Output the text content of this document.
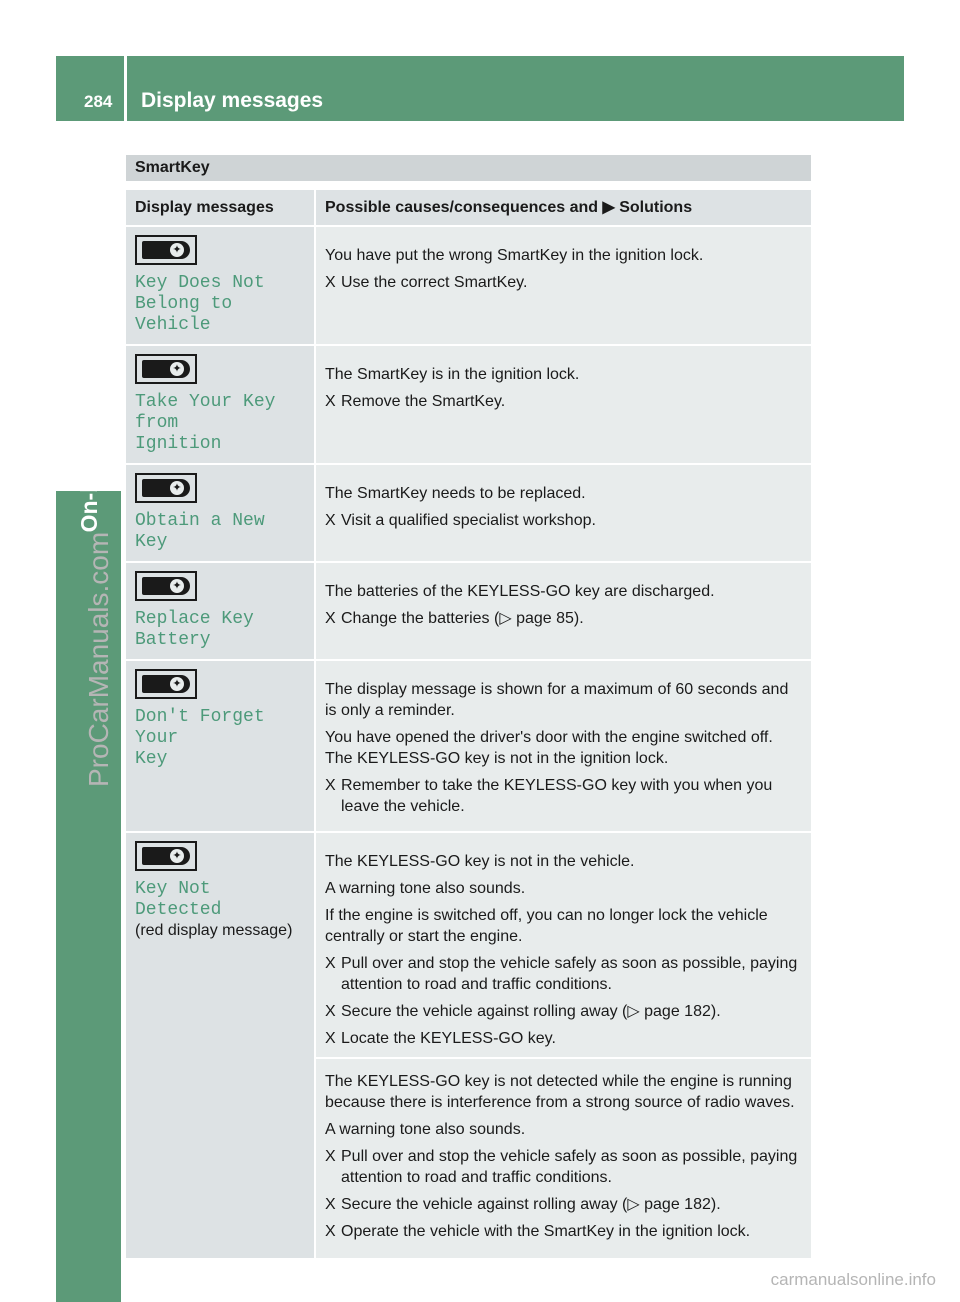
284 Display messages
On-board computer and displays
ProCarManuals.com
carmanualsonline.info
SmartKey
Display messages	Possible causes/consequences and ▶ Solutions
✦
Key Does Not
Belong to Vehicle

You have put the wrong SmartKey in the ignition lock.

X Use the correct SmartKey.
✦
Take Your Key from
Ignition

The SmartKey is in the ignition lock.

X Remove the SmartKey.
✦
Obtain a New Key

The SmartKey needs to be replaced.

X Visit a qualified specialist workshop.
✦
Replace Key Battery

The batteries of the KEYLESS-GO key are discharged.

X Change the batteries (▷ page 85).
✦
Don't Forget Your
Key

The display message is shown for a maximum of 60 seconds and is only a reminder.

You have opened the driver's door with the engine switched off. The KEYLESS-GO key is not in the ignition lock.

X Remember to take the KEYLESS-GO key with you when you leave the vehicle.
✦
Key Not Detected
(red display message)

The KEYLESS-GO key is not in the vehicle.

A warning tone also sounds.

If the engine is switched off, you can no longer lock the vehicle centrally or start the engine.

X Pull over and stop the vehicle safely as soon as possible, paying attention to road and traffic conditions.
X Secure the vehicle against rolling away (▷ page 182).
X Locate the KEYLESS-GO key.

The KEYLESS-GO key is not detected while the engine is running because there is interference from a strong source of radio waves.

A warning tone also sounds.

X Pull over and stop the vehicle safely as soon as possible, paying attention to road and traffic conditions.
X Secure the vehicle against rolling away (▷ page 182).
X Operate the vehicle with the SmartKey in the ignition lock.
